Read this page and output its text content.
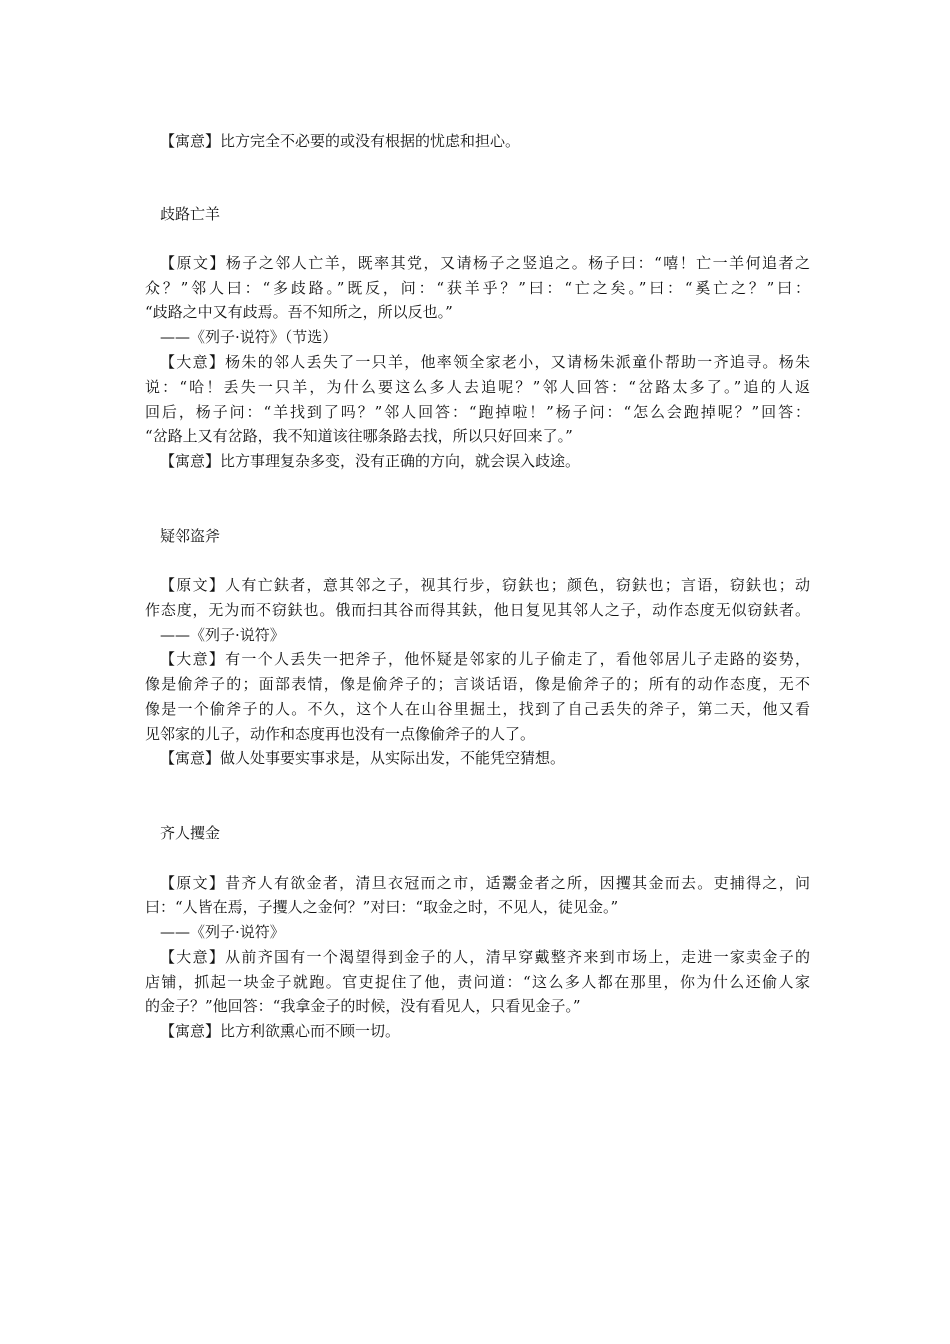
【寓意】比方完全不必要的或没有根据的忧虑和担心。
歧路亡羊
【原文】杨子之邻人亡羊，既率其党，又请杨子之竖追之。杨子曰：“嘻！亡一羊何追者之
众？”邻人曰：“多歧路。”既反，问：“获羊乎？”曰：“亡之矣。”曰：“奚亡之？”曰：
“歧路之中又有歧焉。吾不知所之，所以反也。”
——《列子·说符》（节选）
【大意】杨朱的邻人丢失了一只羊，他率领全家老小，又请杨朱派童仆帮助一齐追寻。杨朱
说：“哈！丢失一只羊，为什么要这么多人去追呢？”邻人回答：“岔路太多了。”追的人返
回后，杨子问：“羊找到了吗？”邻人回答：“跑掉啦！”杨子问：“怎么会跑掉呢？”回答：
“岔路上又有岔路，我不知道该往哪条路去找，所以只好回来了。”
【寓意】比方事理复杂多变，没有正确的方向，就会误入歧途。
疑邻盗斧
【原文】人有亡鈇者，意其邻之子，视其行步，窃鈇也；颜色，窃鈇也；言语，窃鈇也；动
作态度，无为而不窃鈇也。俄而扫其谷而得其鈇，他日复见其邻人之子，动作态度无似窃鈇者。
——《列子·说符》
【大意】有一个人丢失一把斧子，他怀疑是邻家的儿子偷走了，看他邻居儿子走路的姿势，
像是偷斧子的；面部表情，像是偷斧子的；言谈话语，像是偷斧子的；所有的动作态度，无不
像是一个偷斧子的人。不久，这个人在山谷里掘土，找到了自己丢失的斧子，第二天，他又看
见邻家的儿子，动作和态度再也没有一点像偷斧子的人了。
【寓意】做人处事要实事求是，从实际出发，不能凭空猜想。
齐人攫金
【原文】昔齐人有欲金者，清旦衣冠而之市，适鬻金者之所，因攫其金而去。吏捕得之，问
曰：“人皆在焉，子攫人之金何？”对曰：“取金之时，不见人，徒见金。”
——《列子·说符》
【大意】从前齐国有一个渴望得到金子的人，清早穿戴整齐来到市场上，走进一家卖金子的
店铺，抓起一块金子就跑。官吏捉住了他，责问道：“这么多人都在那里，你为什么还偷人家
的金子？”他回答：“我拿金子的时候，没有看见人，只看见金子。”
【寓意】比方利欲熏心而不顾一切。
